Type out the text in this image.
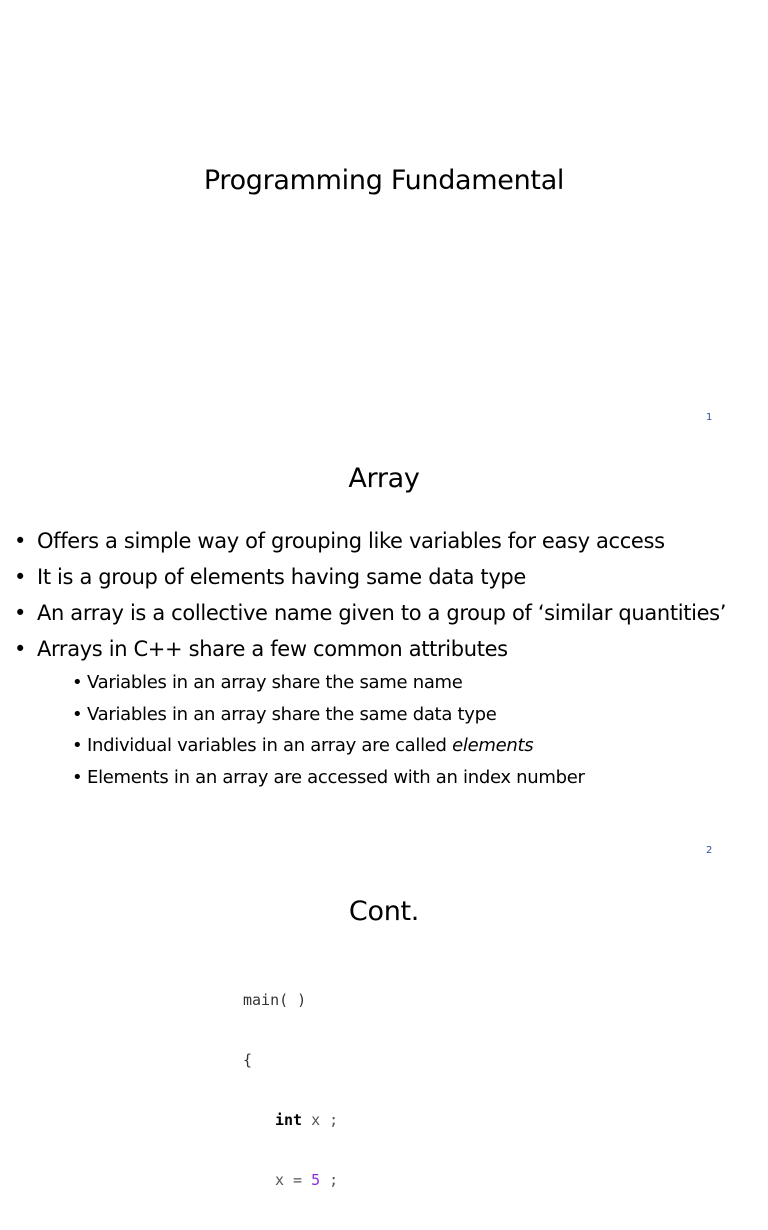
Programming Fundamental
1
Array
• Offers a simple way of grouping like variables for easy access
• It is a group of elements having same data type
• An array is a collective name given to a group of ‘similar quantities’
• Arrays in C++ share a few common attributes
• Variables in an array share the same name
• Variables in an array share the same data type
• Individual variables in an array are called elements
• Elements in an array are accessed with an index number
2
Cont.

main( )

{

int x ;

x = 5 ;
